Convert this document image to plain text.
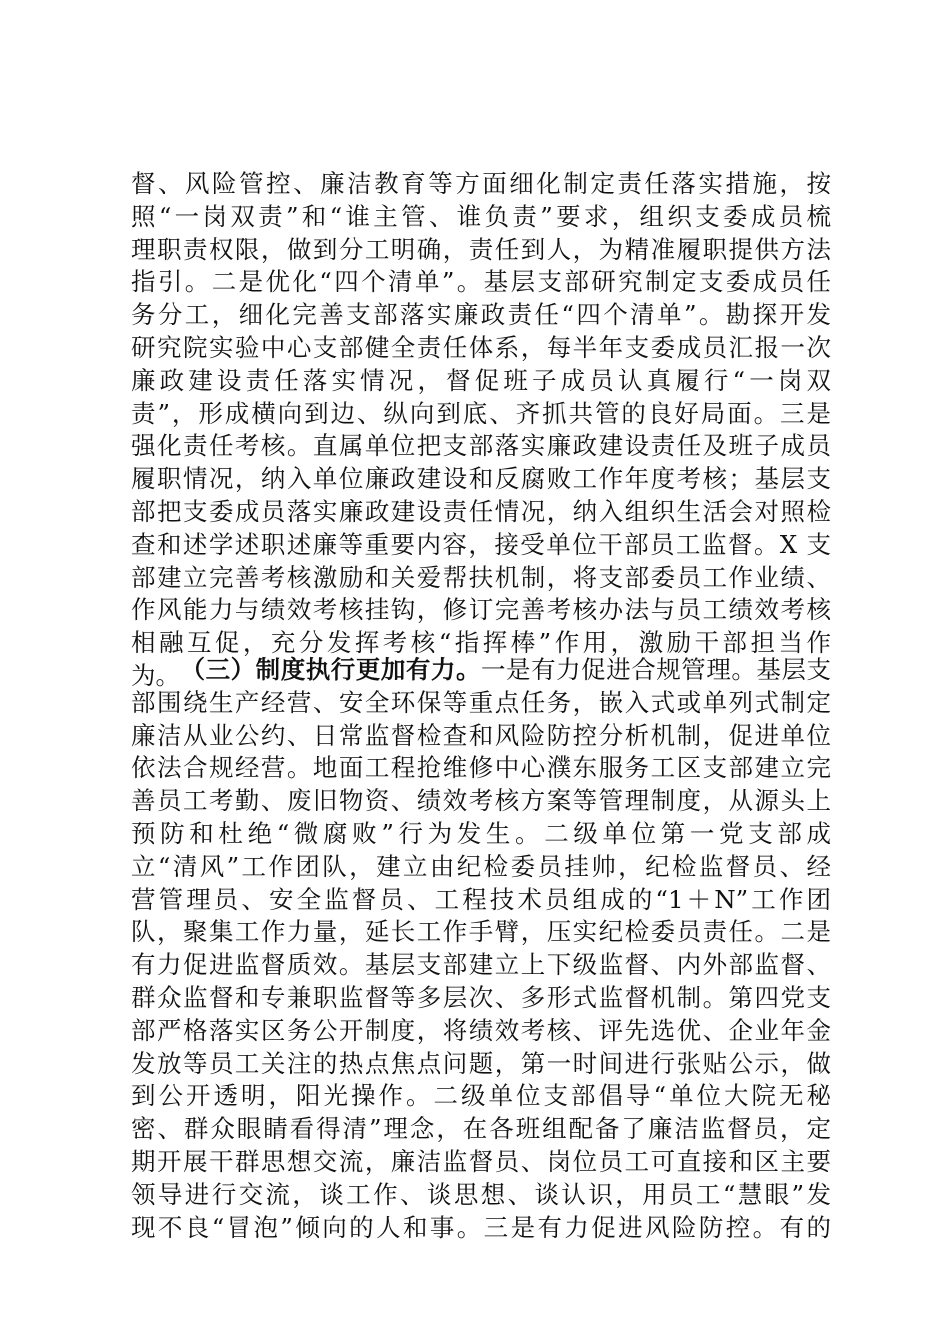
督、风险管控、廉洁教育等方面细化制定责任落实措施，按
照“一岗双责”和“谁主管、谁负责”要求，组织支委成员梳
理职责权限，做到分工明确，责任到人，为精准履职提供方法
指引。二是优化“四个清单”。基层支部研究制定支委成员任
务分工，细化完善支部落实廉政责任“四个清单”。勘探开发
研究院实验中心支部健全责任体系，每半年支委成员汇报一次
廉政建设责任落实情况，督促班子成员认真履行“一岗双
责”，形成横向到边、纵向到底、齐抓共管的良好局面。三是
强化责任考核。直属单位把支部落实廉政建设责任及班子成员
履职情况，纳入单位廉政建设和反腐败工作年度考核；基层支
部把支委成员落实廉政建设责任情况，纳入组织生活会对照检
查和述学述职述廉等重要内容，接受单位干部员工监督。X 支
部建立完善考核激励和关爱帮扶机制，将支部委员工作业绩、
作风能力与绩效考核挂钩，修订完善考核办法与员工绩效考核
相融互促，充分发挥考核“指挥棒”作用，激励干部担当作
为。 （三）制度执行更加有力。一是有力促进合规管理。基层支
部围绕生产经营、安全环保等重点任务，嵌入式或单列式制定
廉洁从业公约、日常监督检查和风险防控分析机制，促进单位
依法合规经营。地面工程抢维修中心濮东服务工区支部建立完
善员工考勤、废旧物资、绩效考核方案等管理制度，从源头上
预防和杜绝“微腐败”行为发生。二级单位第一党支部成
立“清风”工作团队，建立由纪检委员挂帅，纪检监督员、经
营管理员、安全监督员、工程技术员组成的“1＋N”工作团
队，聚集工作力量，延长工作手臂，压实纪检委员责任。二是
有力促进监督质效。基层支部建立上下级监督、内外部监督、
群众监督和专兼职监督等多层次、多形式监督机制。第四党支
部严格落实区务公开制度，将绩效考核、评先选优、企业年金
发放等员工关注的热点焦点问题，第一时间进行张贴公示，做
到公开透明，阳光操作。二级单位支部倡导“单位大院无秘
密、群众眼睛看得清”理念，在各班组配备了廉洁监督员，定
期开展干群思想交流，廉洁监督员、岗位员工可直接和区主要
领导进行交流，谈工作、谈思想、谈认识，用员工“慧眼”发
现不良“冒泡”倾向的人和事。三是有力促进风险防控。有的
